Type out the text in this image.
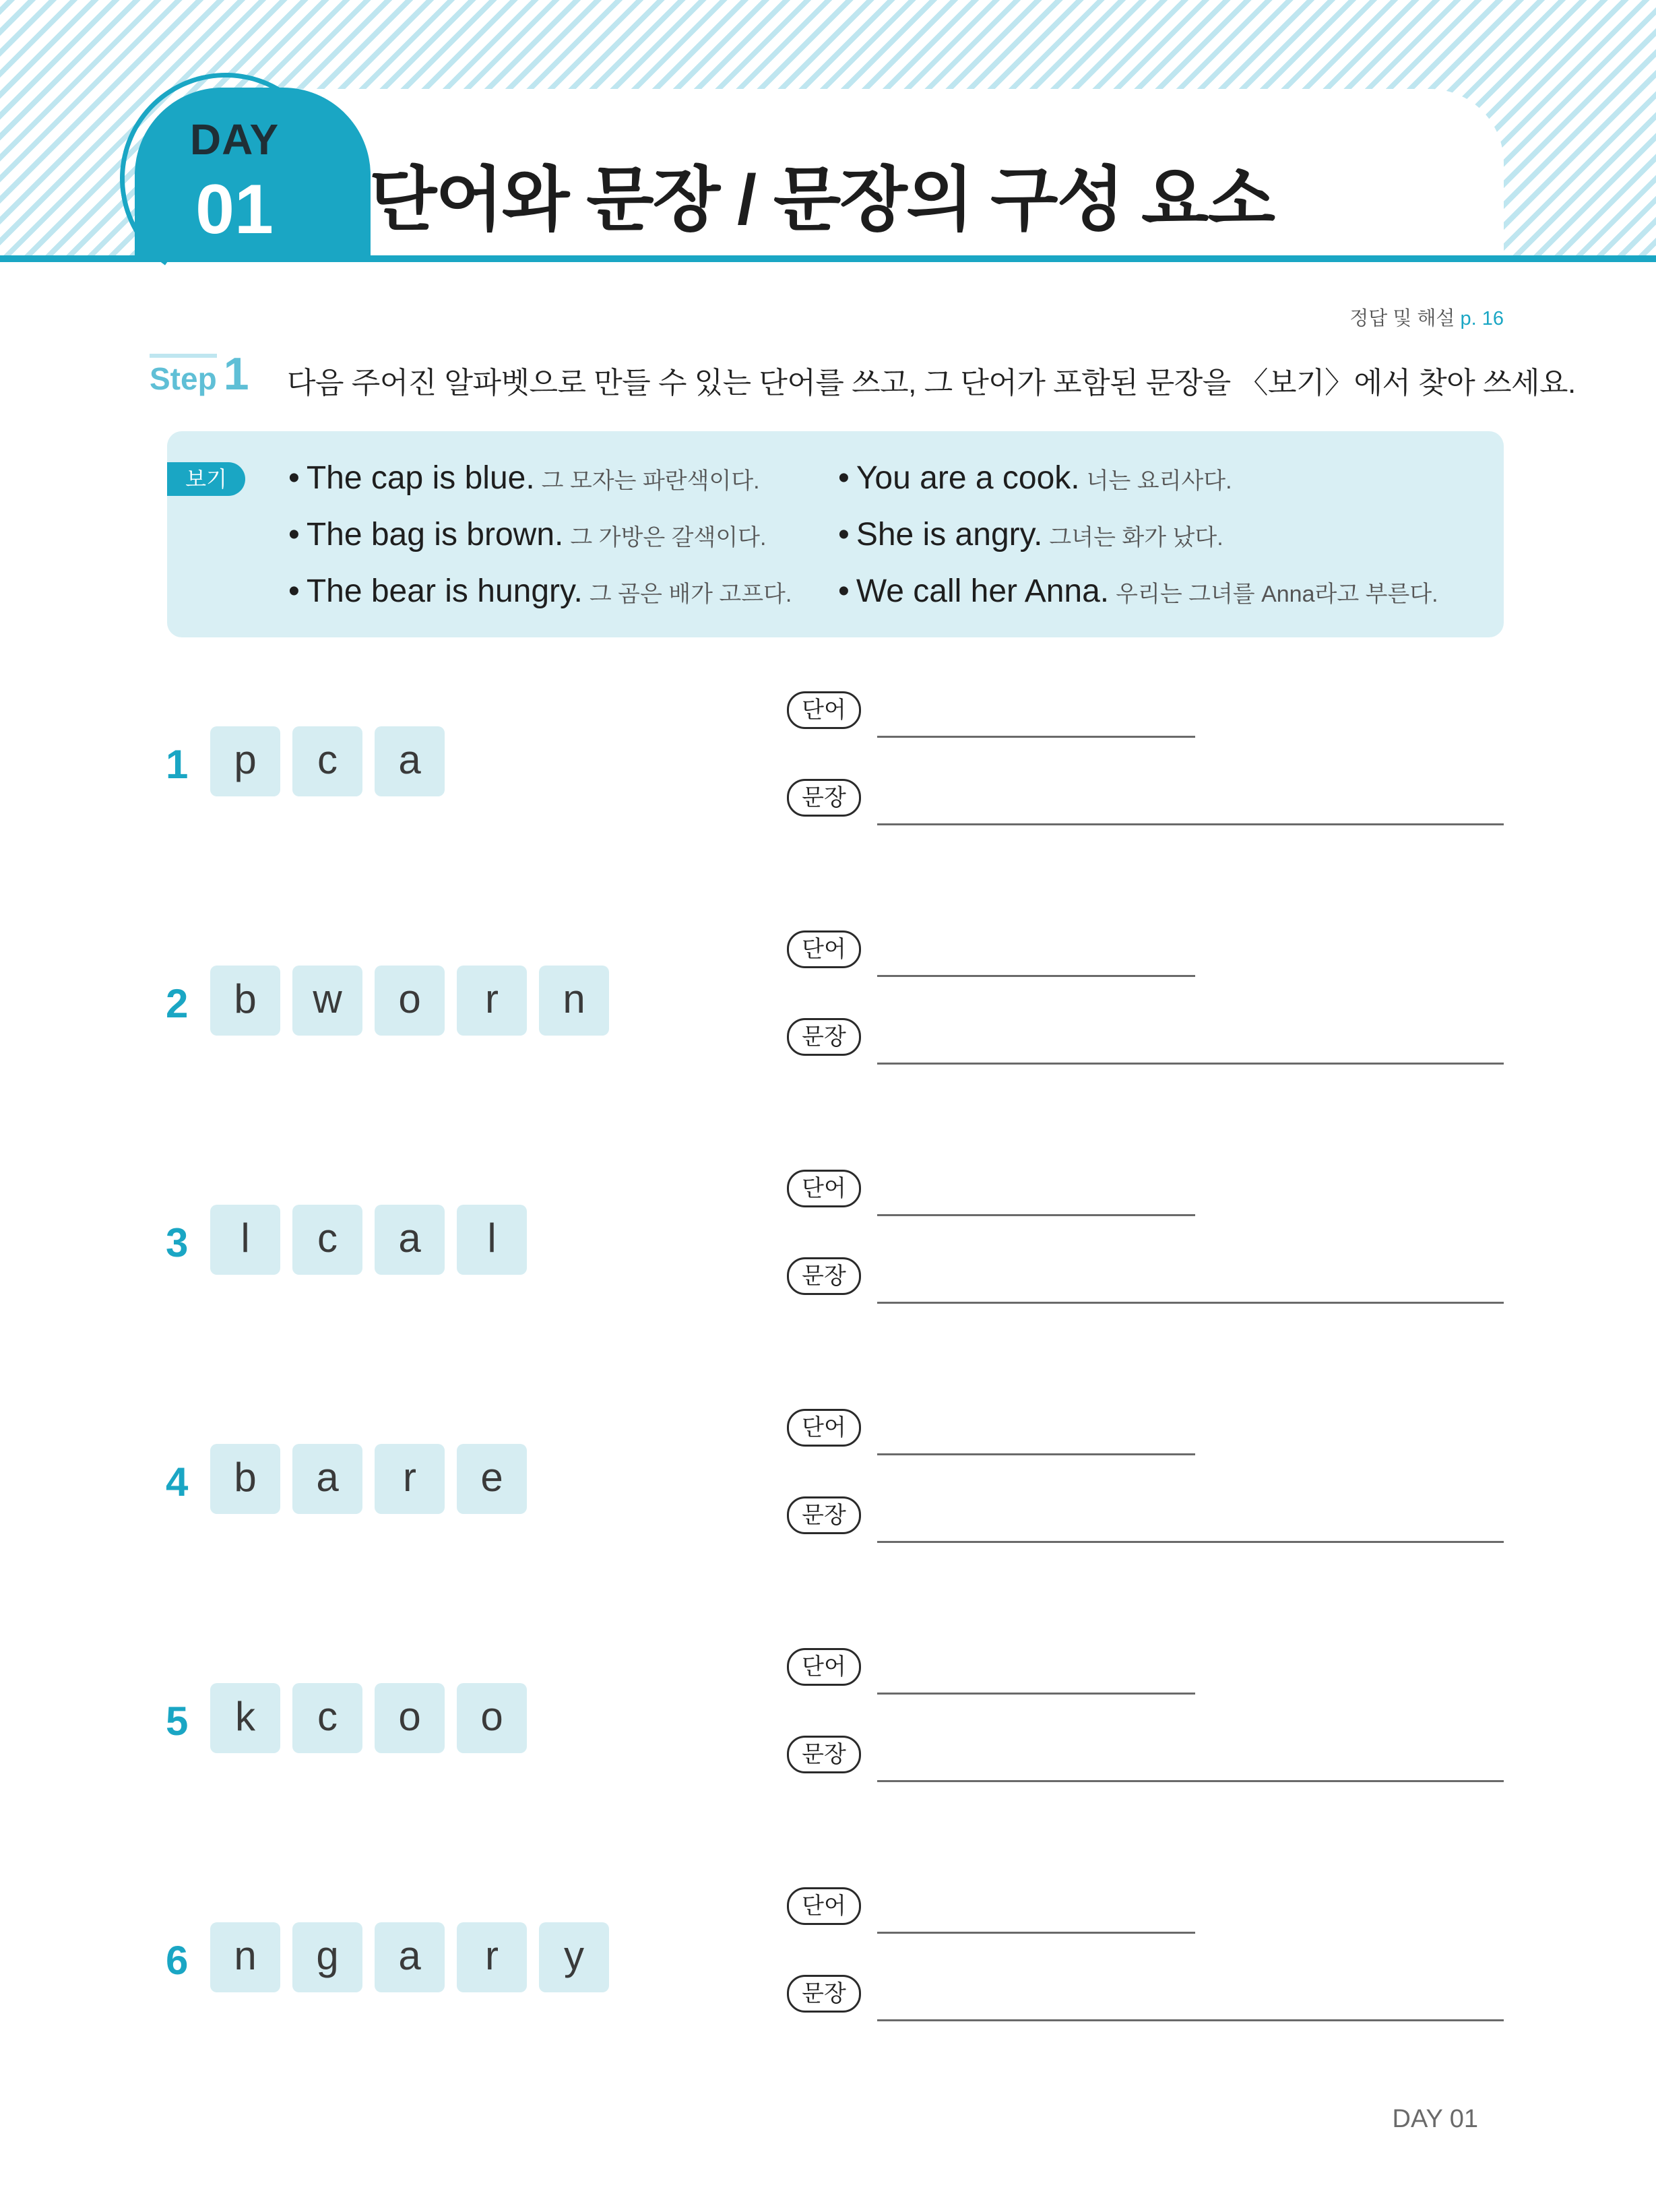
DAY
01	단어와 문장 / 문장의 구성 요소
정답 및 해설 p. 16
Step 1 다음 주어진 알파벳으로 만들 수 있는 단어를 쓰고, 그 단어가 포함된 문장을 〈보기〉에서 찾아 쓰세요.
보기	• The cap is blue. 그 모자는 파란색이다. • You are a cook. 너는 요리사다.
• The bag is brown. 그 가방은 갈색이다. • She is angry. 그녀는 화가 났다.
• The bear is hungry. 그 곰은 배가 고프다. • We call her Anna. 우리는 그녀를 Anna라고 부른다.
1	p	c	a
단어
문장
2	b	w	o	r	n
단어
문장
3	l	c	a	l
단어
문장
4	b	a	r	e
단어
문장
5	k	c	o	o
단어
문장
6	n	g	a	r	y
단어
문장
DAY 01
